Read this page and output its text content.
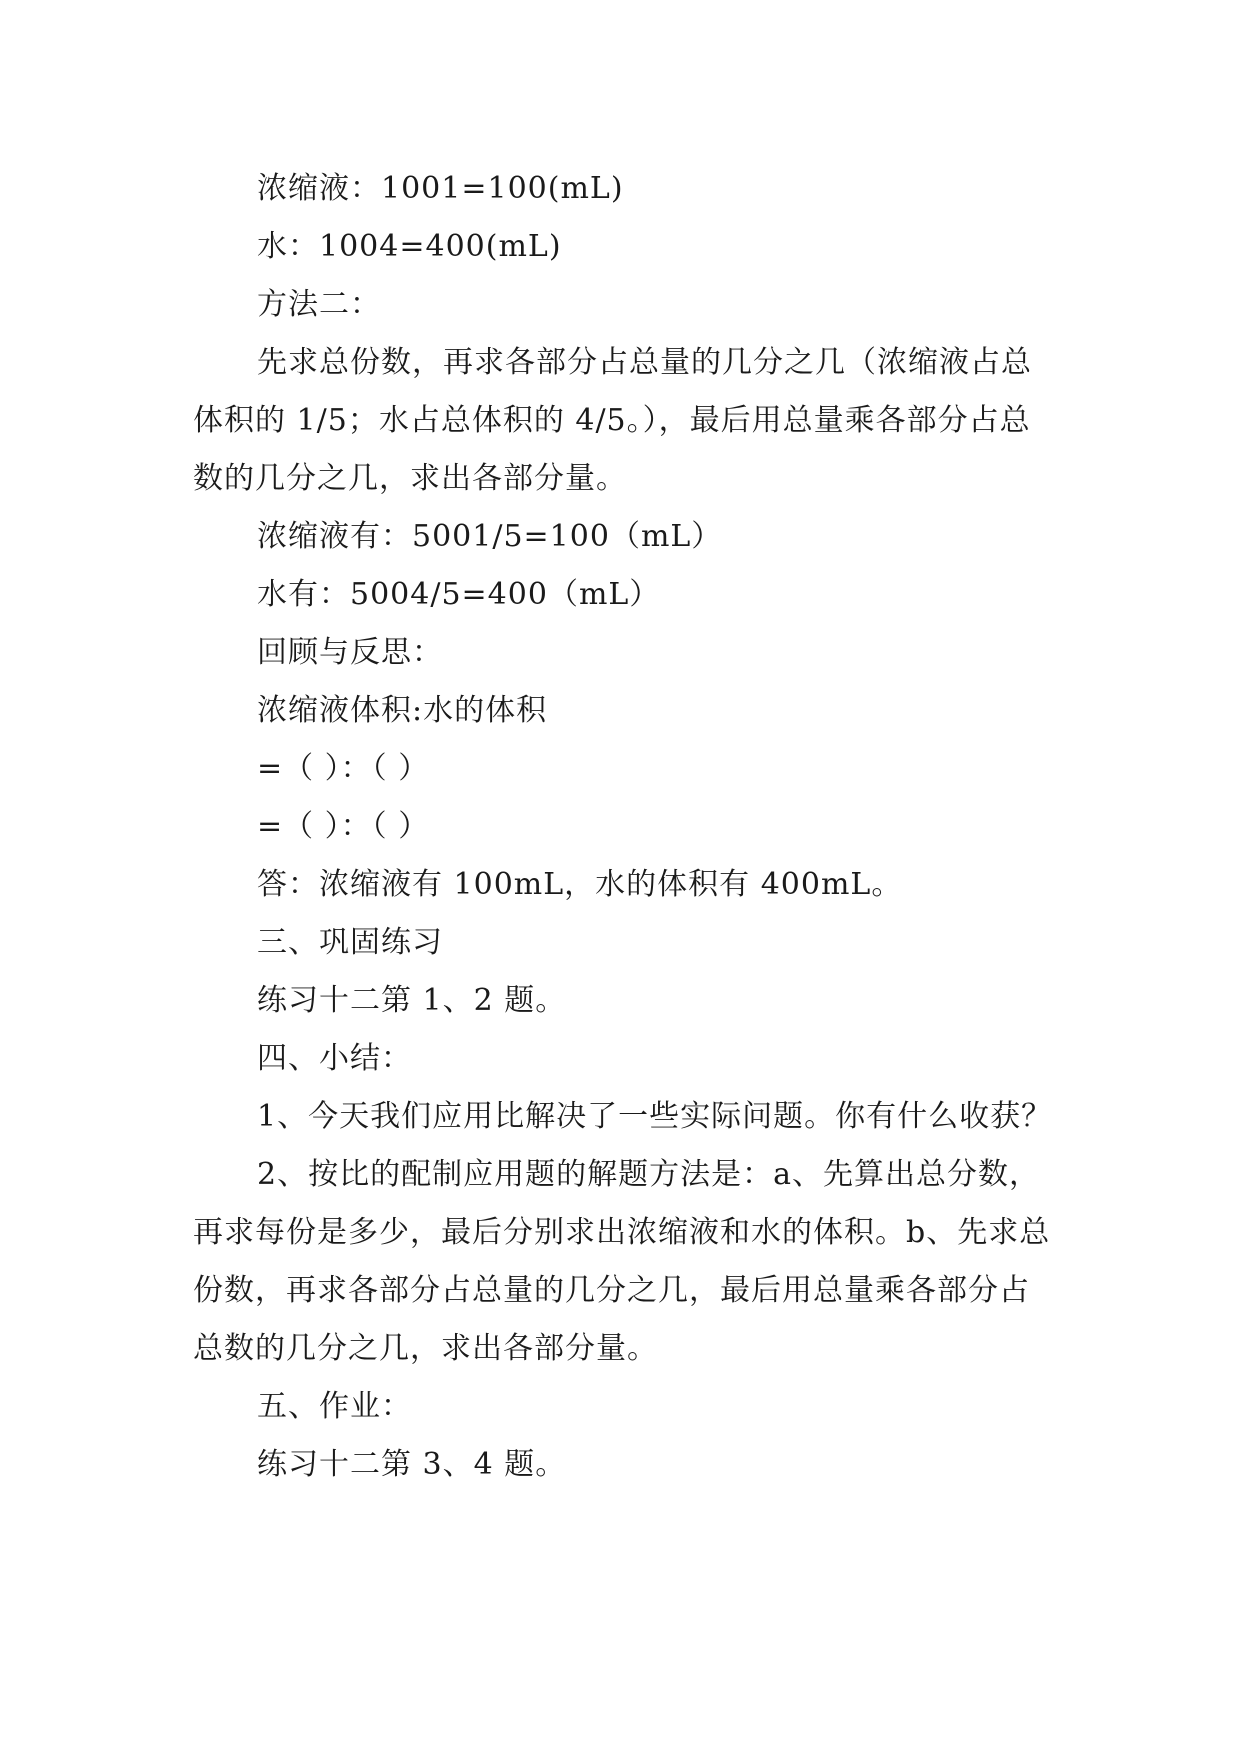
浓缩液：1001=100(mL)

水：1004=400(mL)

方法二：

先求总份数，再求各部分占总量的几分之几（浓缩液占总体积的 1/5；水占总体积的 4/5。），最后用总量乘各部分占总数的几分之几，求出各部分量。

浓缩液有：5001/5=100（mL）

水有：5004/5=400（mL）

回顾与反思：

浓缩液体积:水的体积

=（ ）：（ ）

=（ ）：（ ）

答：浓缩液有 100mL，水的体积有 400mL。

三、巩固练习

练习十二第 1、2 题。

四、小结：

1、今天我们应用比解决了一些实际问题。你有什么收获？

2、按比的配制应用题的解题方法是：a、先算出总分数，再求每份是多少，最后分别求出浓缩液和水的体积。b、先求总份数，再求各部分占总量的几分之几，最后用总量乘各部分占总数的几分之几，求出各部分量。

五、作业：

练习十二第 3、4 题。
